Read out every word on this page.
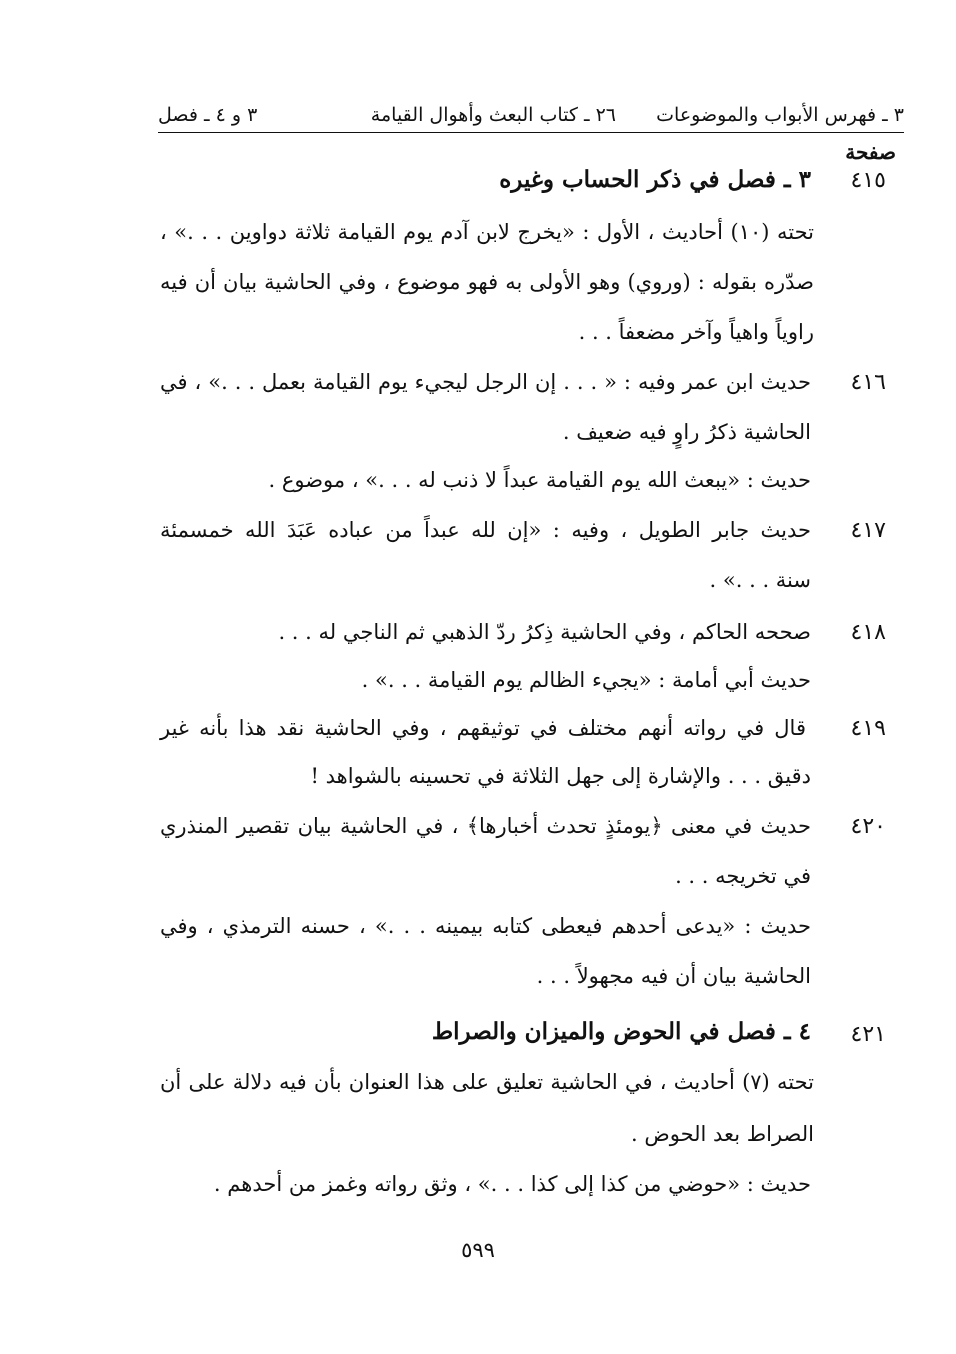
٣ ـ فهرس الأبواب والموضوعات
٢٦ ـ كتاب البعث وأهوال القيامة
٣ و ٤ ـ فصل
صفحة
٤١٥
٣ ـ فصل في ذكر الحساب وغيره
تحته (١٠) أحاديث ، الأول : «يخرج لابن آدم يوم القيامة ثلاثة دواوين . . .» ،
صدّره بقوله : (وروي) وهو الأولى به فهو موضوع ، وفي الحاشية بيان أن فيه
راوياً واهياً وآخر مضعفاً . . .
٤١٦
حديث ابن عمر وفيه : « . . . إن الرجل ليجيء يوم القيامة بعمل . . .» ، في
الحاشية ذكرُ راوٍ فيه ضعيف .
حديث : «يبعث الله يوم القيامة عبداً لا ذنب له . . .» ، موضوع .
٤١٧
حديث جابر الطويل ، وفيه : «إن لله عبداً من عباده عَبَدَ الله خمسمئة
سنة . . .» .
٤١٨
صححه الحاكم ، وفي الحاشية ذِكرُ ردّ الذهبي ثم الناجي له . . .
حديث أبي أمامة : «يجيء الظالم يوم القيامة . . .» .
٤١٩
قال في رواته أنهم مختلف في توثيقهم ، وفي الحاشية نقد هذا بأنه غير
دقيق . . . والإشارة إلى جهل الثلاثة في تحسينه بالشواهد !
٤٢٠
حديث في معنى ﴿يومئذٍ تحدث أخبارها﴾ ، في الحاشية بيان تقصير المنذري
في تخريجه . . .
حديث : «يدعى أحدهم فيعطى كتابه بيمينه . . .» ، حسنه الترمذي ، وفي
الحاشية بيان أن فيه مجهولاً . . .
٤٢١
٤ ـ فصل في الحوض والميزان والصراط
تحته (٧) أحاديث ، في الحاشية تعليق على هذا العنوان بأن فيه دلالة على أن
الصراط بعد الحوض .
حديث : «حوضي من كذا إلى كذا . . .» ، وثق رواته وغمز من أحدهم .
٥٩٩
